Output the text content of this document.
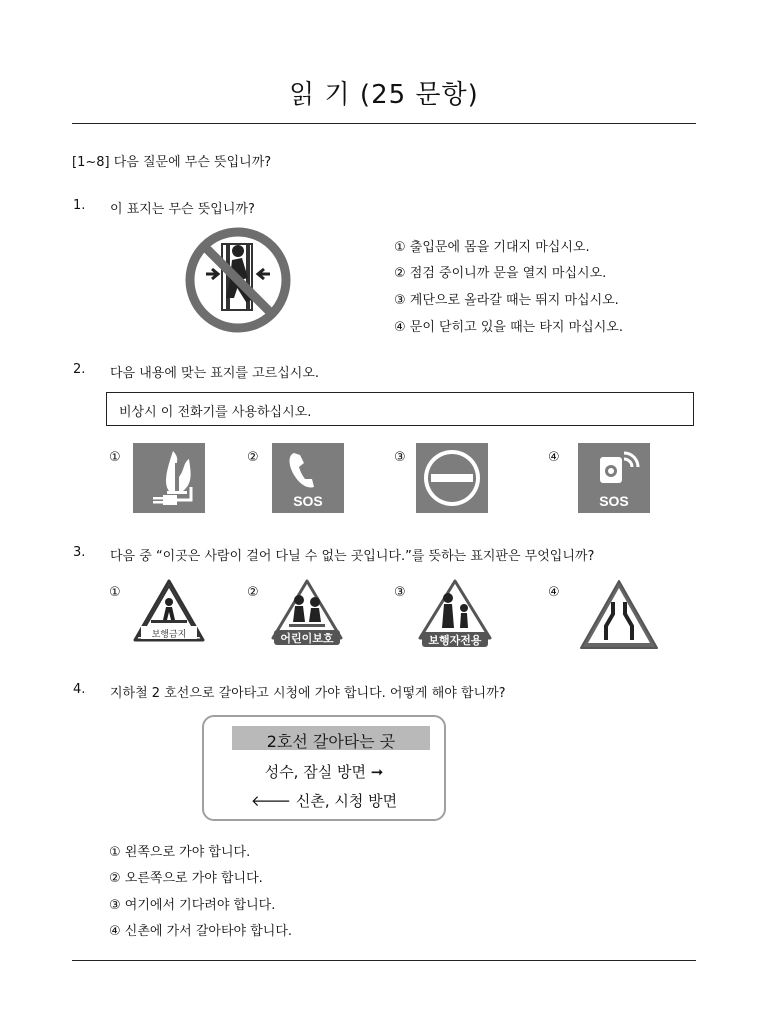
읽 기 (25 문항)
[1~8] 다음 질문에 무슨 뜻입니까?
1. 이 표지는 무슨 뜻입니까?
① 출입문에 몸을 기대지 마십시오.
② 점검 중이니까 문을 열지 마십시오.
③ 계단으로 올라갈 때는 뛰지 마십시오.
④ 문이 닫히고 있을 때는 타지 마십시오.
2. 다음 내용에 맞는 표지를 고르십시오.
비상시 이 전화기를 사용하십시오.
①	②	③	④
SOS	SOS
3. 다음 중 “이곳은 사람이 걸어 다닐 수 없는 곳입니다.”를 뜻하는 표지판은 무엇입니까?
①	②	③	④
보행금지	어린이보호	보행자전용
4. 지하철 2 호선으로 갈아타고 시청에 가야 합니다. 어떻게 해야 합니까?
2호선 갈아타는 곳
성수, 잠실 방면 ➞
🡐 신촌, 시청 방면
① 왼쪽으로 가야 합니다.
② 오른쪽으로 가야 합니다.
③ 여기에서 기다려야 합니다.
④ 신촌에 가서 갈아타야 합니다.
